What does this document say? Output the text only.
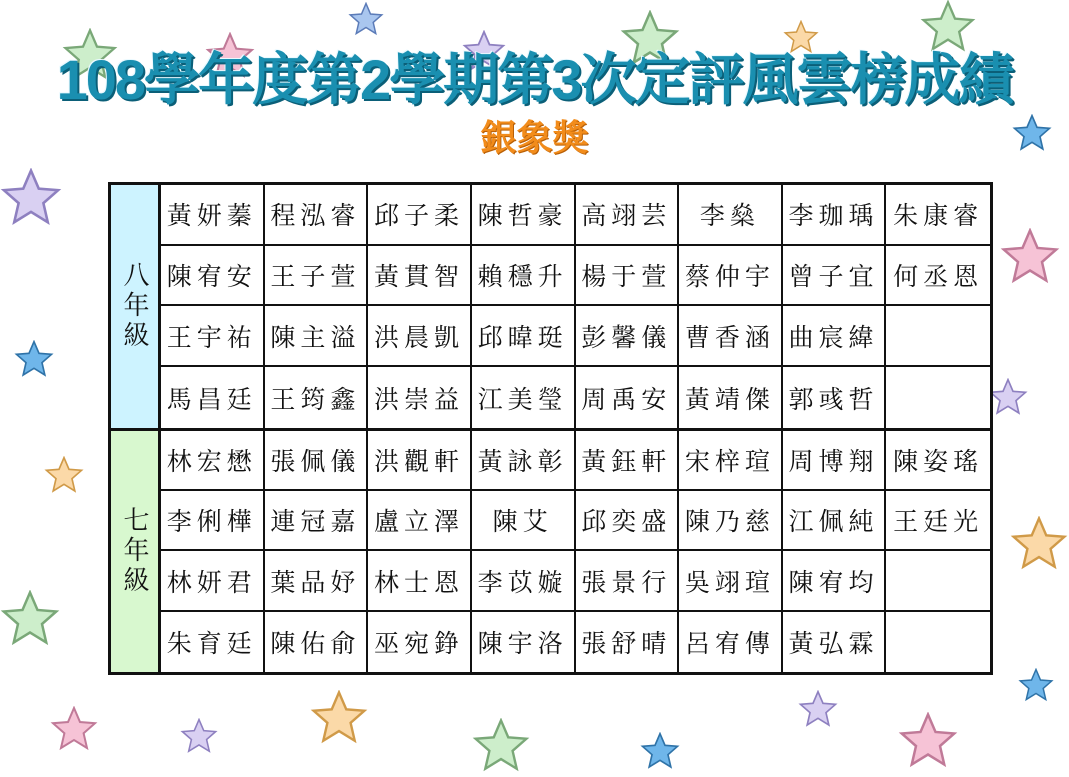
108學年度第2學期第3次定評風雲榜成績
銀象獎
八年級
黃妍蓁 程泓睿 邱子柔 陳哲豪 高翊芸	李燊	李珈瑀 朱康睿
陳宥安 王子萱 黃貫智 賴穩升 楊于萱 蔡仲宇 曾子宜 何丞恩
王宇祐 陳主溢 洪晨凱 邱暐珽 彭馨儀 曹香涵 曲宸緯
馬昌廷 王筠鑫 洪崇益 江美瑩 周禹安 黃靖傑 郭彧哲
七年級
林宏懋 張佩儀 洪觀軒 黃詠彰 黃鈺軒 宋梓瑄 周博翔 陳姿瑤
李俐樺 連冠嘉 盧立澤	陳艾	邱奕盛 陳乃慈 江佩純 王廷光
林妍君 葉品妤 林士恩 李苡嫙 張景行 吳翊瑄 陳宥均
朱育廷 陳佑俞 巫宛錚 陳宇洛 張舒晴 呂宥傳 黃弘霖
